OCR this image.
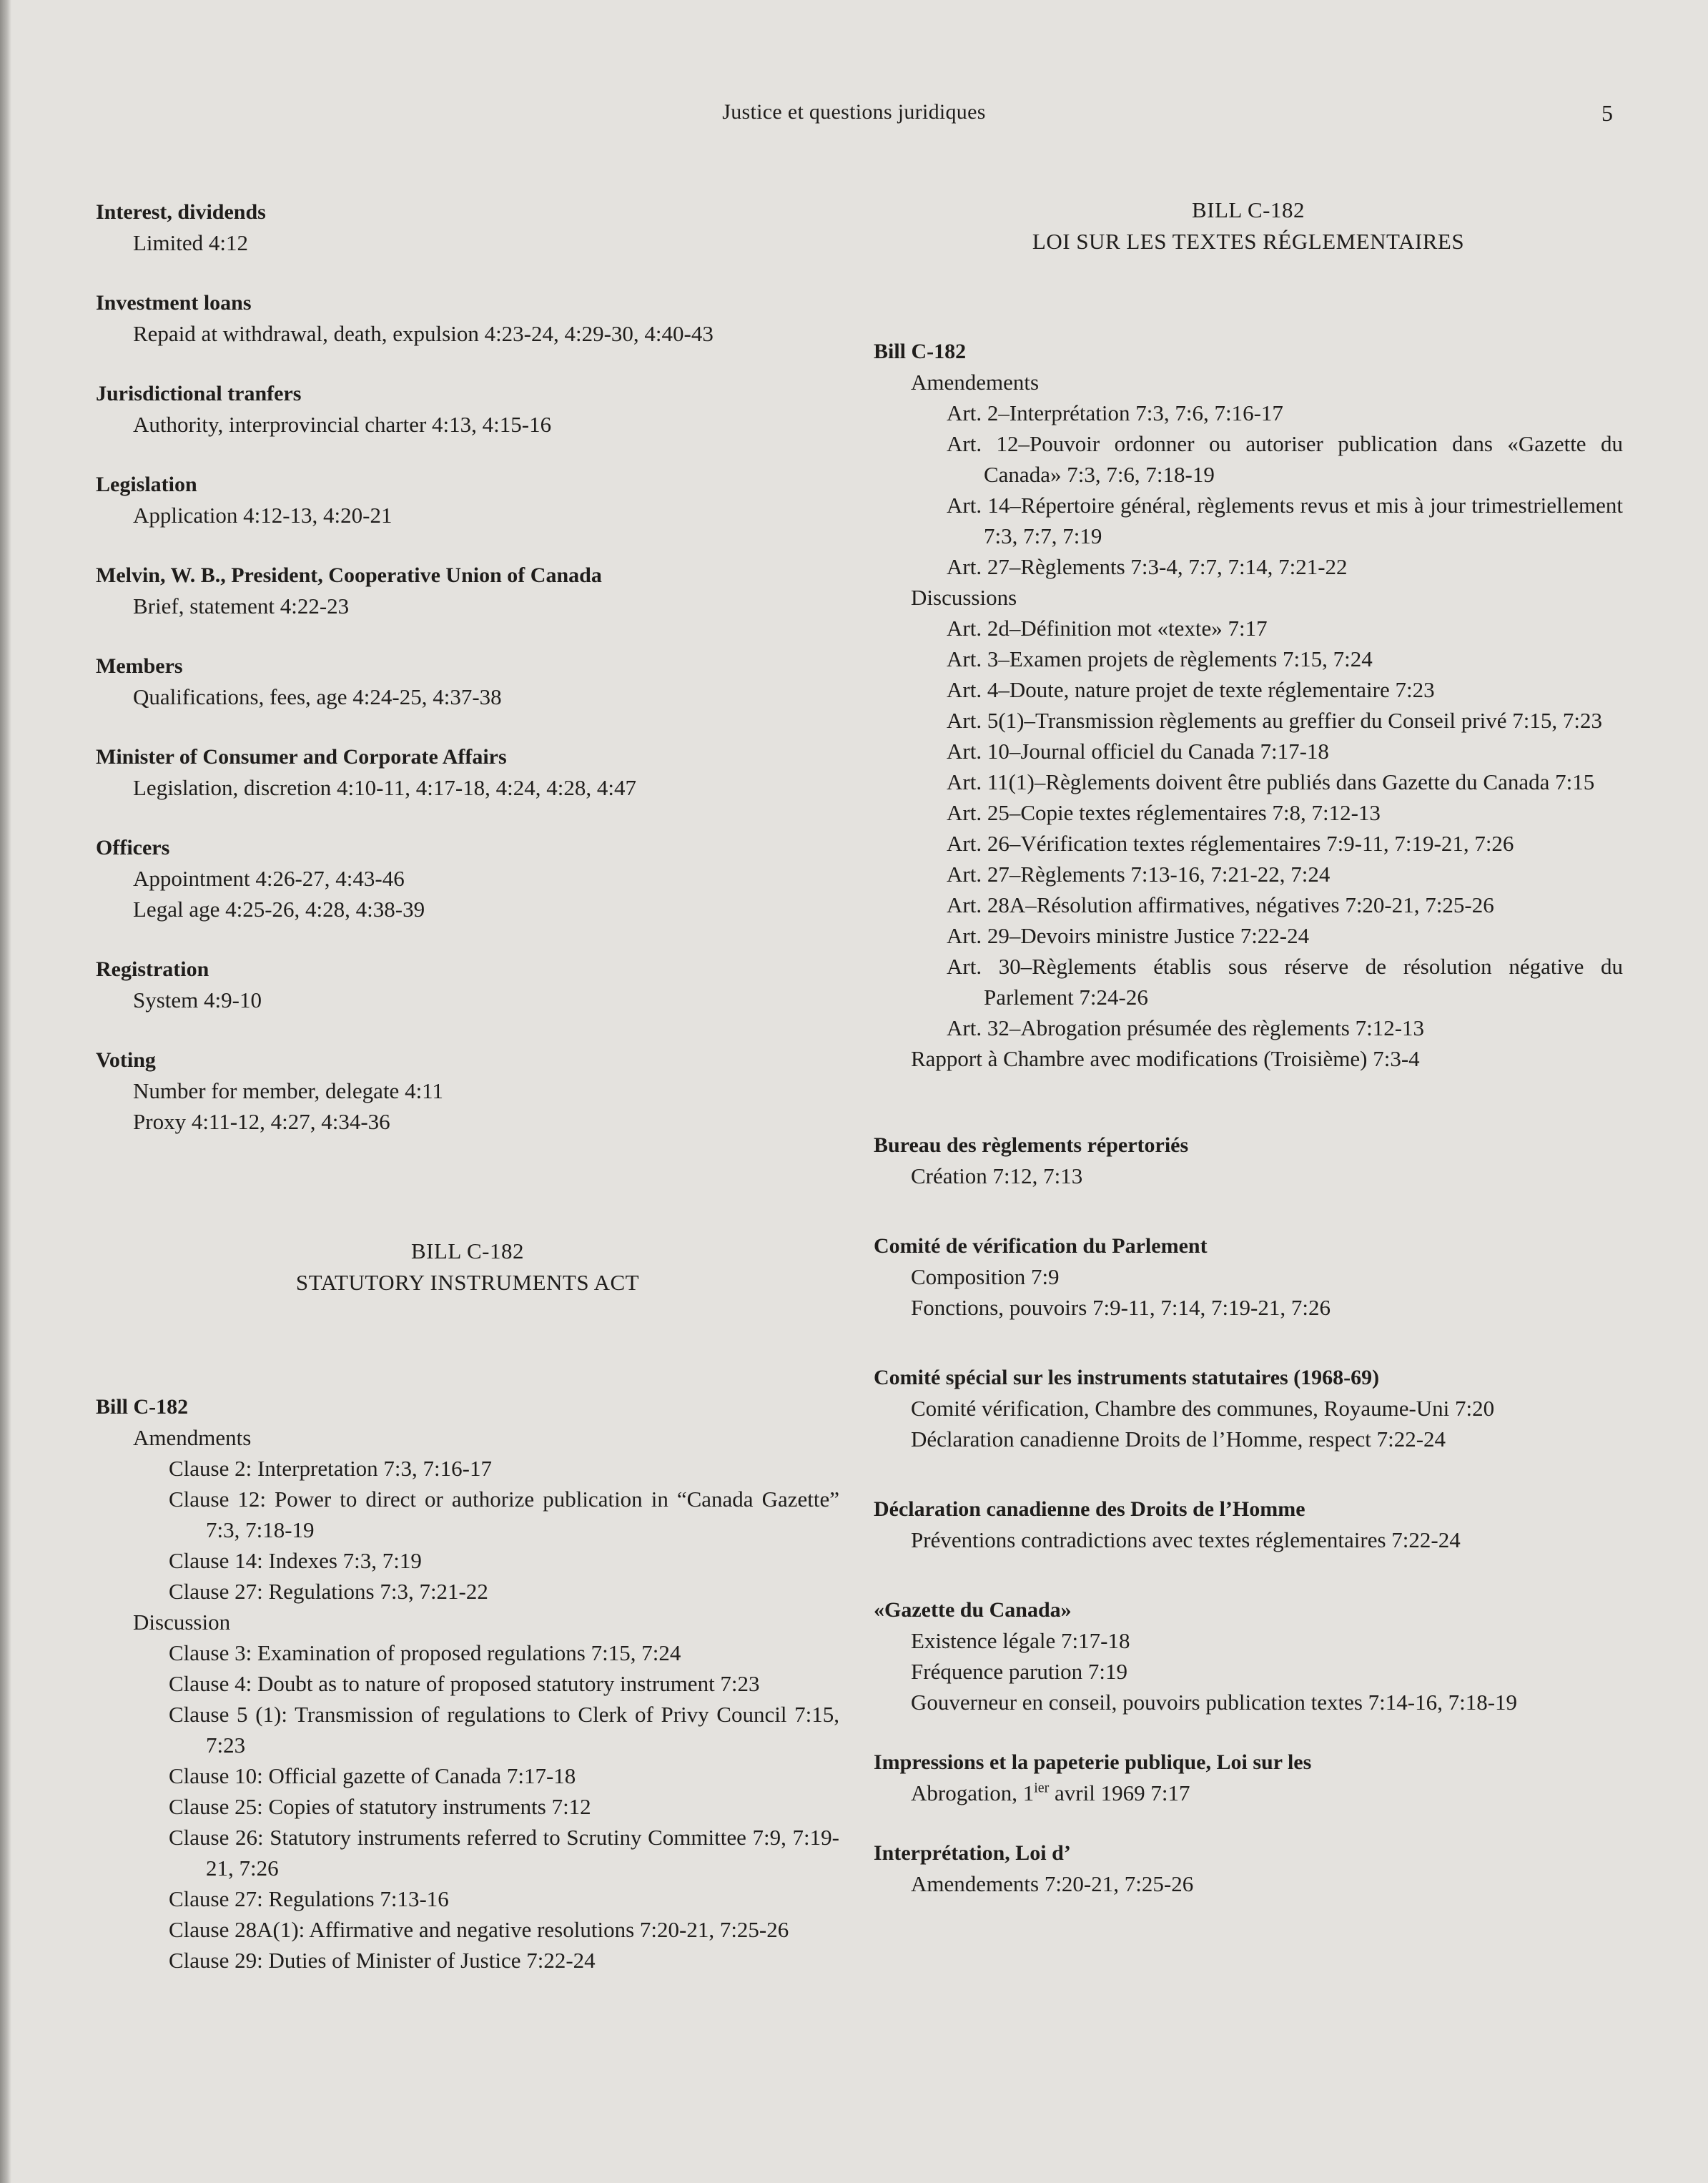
Justice et questions juridiques	5
Interest, dividends
Limited 4:12
Investment loans
Repaid at withdrawal, death, expulsion 4:23-24, 4:29-30, 4:40-43
Jurisdictional tranfers
Authority, interprovincial charter 4:13, 4:15-16
Legislation
Application 4:12-13, 4:20-21
Melvin, W. B., President, Cooperative Union of Canada
Brief, statement 4:22-23
Members
Qualifications, fees, age 4:24-25, 4:37-38
Minister of Consumer and Corporate Affairs
Legislation, discretion 4:10-11, 4:17-18, 4:24, 4:28, 4:47
Officers
Appointment 4:26-27, 4:43-46
Legal age 4:25-26, 4:28, 4:38-39
Registration
System 4:9-10
Voting
Number for member, delegate 4:11
Proxy 4:11-12, 4:27, 4:34-36
BILL C-182
STATUTORY INSTRUMENTS ACT
Bill C-182
Amendments
Clause 2: Interpretation 7:3, 7:16-17
Clause 12: Power to direct or authorize publication in “Canada Gazette” 7:3, 7:18-19
Clause 14: Indexes 7:3, 7:19
Clause 27: Regulations 7:3, 7:21-22
Discussion
Clause 3: Examination of proposed regulations 7:15, 7:24
Clause 4: Doubt as to nature of proposed statutory instrument 7:23
Clause 5 (1): Transmission of regulations to Clerk of Privy Council 7:15, 7:23
Clause 10: Official gazette of Canada 7:17-18
Clause 25: Copies of statutory instruments 7:12
Clause 26: Statutory instruments referred to Scrutiny Committee 7:9, 7:19-21, 7:26
Clause 27: Regulations 7:13-16
Clause 28A(1): Affirmative and negative resolutions 7:20-21, 7:25-26
Clause 29: Duties of Minister of Justice 7:22-24
BILL C-182
LOI SUR LES TEXTES RÉGLEMENTAIRES
Bill C-182
Amendements
Art. 2–Interprétation 7:3, 7:6, 7:16-17
Art. 12–Pouvoir ordonner ou autoriser publication dans «Gazette du Canada» 7:3, 7:6, 7:18-19
Art. 14–Répertoire général, règlements revus et mis à jour trimestriellement 7:3, 7:7, 7:19
Art. 27–Règlements 7:3-4, 7:7, 7:14, 7:21-22
Discussions
Art. 2d–Définition mot «texte» 7:17
Art. 3–Examen projets de règlements 7:15, 7:24
Art. 4–Doute, nature projet de texte réglementaire 7:23
Art. 5(1)–Transmission règlements au greffier du Conseil privé 7:15, 7:23
Art. 10–Journal officiel du Canada 7:17-18
Art. 11(1)–Règlements doivent être publiés dans Gazette du Canada 7:15
Art. 25–Copie textes réglementaires 7:8, 7:12-13
Art. 26–Vérification textes réglementaires 7:9-11, 7:19-21, 7:26
Art. 27–Règlements 7:13-16, 7:21-22, 7:24
Art. 28A–Résolution affirmatives, négatives 7:20-21, 7:25-26
Art. 29–Devoirs ministre Justice 7:22-24
Art. 30–Règlements établis sous réserve de résolution négative du Parlement 7:24-26
Art. 32–Abrogation présumée des règlements 7:12-13
Rapport à Chambre avec modifications (Troisième) 7:3-4
Bureau des règlements répertoriés
Création 7:12, 7:13
Comité de vérification du Parlement
Composition 7:9
Fonctions, pouvoirs 7:9-11, 7:14, 7:19-21, 7:26
Comité spécial sur les instruments statutaires (1968-69)
Comité vérification, Chambre des communes, Royaume-Uni 7:20
Déclaration canadienne Droits de l’Homme, respect 7:22-24
Déclaration canadienne des Droits de l’Homme
Préventions contradictions avec textes réglementaires 7:22-24
«Gazette du Canada»
Existence légale 7:17-18
Fréquence parution 7:19
Gouverneur en conseil, pouvoirs publication textes 7:14-16, 7:18-19
Impressions et la papeterie publique, Loi sur les
Abrogation, $1^{ier}$ avril 1969 7:17
Interprétation, Loi d’
Amendements 7:20-21, 7:25-26
